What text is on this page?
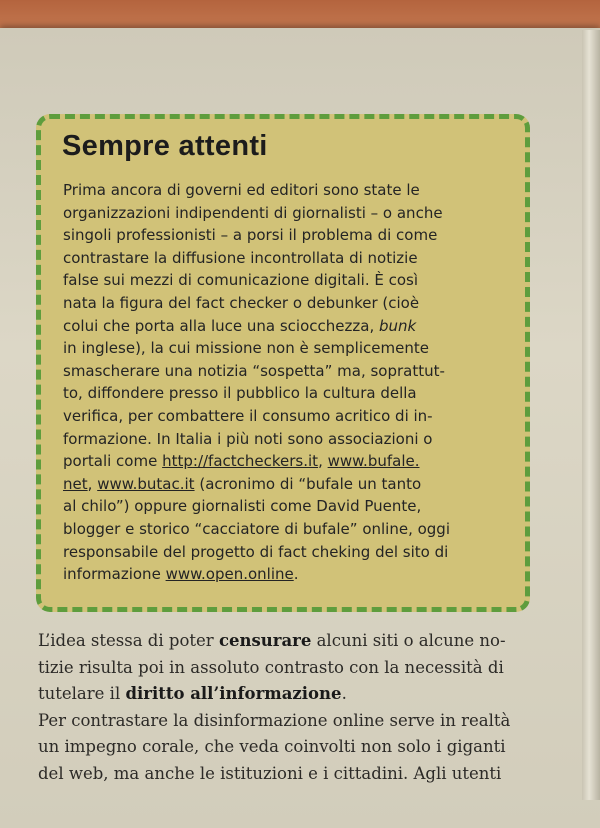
Sempre attenti
Prima ancora di governi ed editori sono state le
organizzazioni indipendenti di giornalisti – o anche
singoli professionisti – a porsi il problema di come
contrastare la diffusione incontrollata di notizie
false sui mezzi di comunicazione digitali. È così
nata la figura del fact checker o debunker (cioè
colui che porta alla luce una sciocchezza, bunk
in inglese), la cui missione non è semplicemente
smascherare una notizia “sospetta” ma, soprattut-
to, diffondere presso il pubblico la cultura della
verifica, per combattere il consumo acritico di in-
formazione. In Italia i più noti sono associazioni o
portali come http://factcheckers.it, www.bufale.
net, www.butac.it (acronimo di “bufale un tanto
al chilo”) oppure giornalisti come David Puente,
blogger e storico “cacciatore di bufale” online, oggi
responsabile del progetto di fact cheking del sito di
informazione www.open.online.
L’idea stessa di poter censurare alcuni siti o alcune no-
tizie risulta poi in assoluto contrasto con la necessità di
tutelare il diritto all’informazione.
Per contrastare la disinformazione online serve in realtà
un impegno corale, che veda coinvolti non solo i giganti
del web, ma anche le istituzioni e i cittadini. Agli utenti
